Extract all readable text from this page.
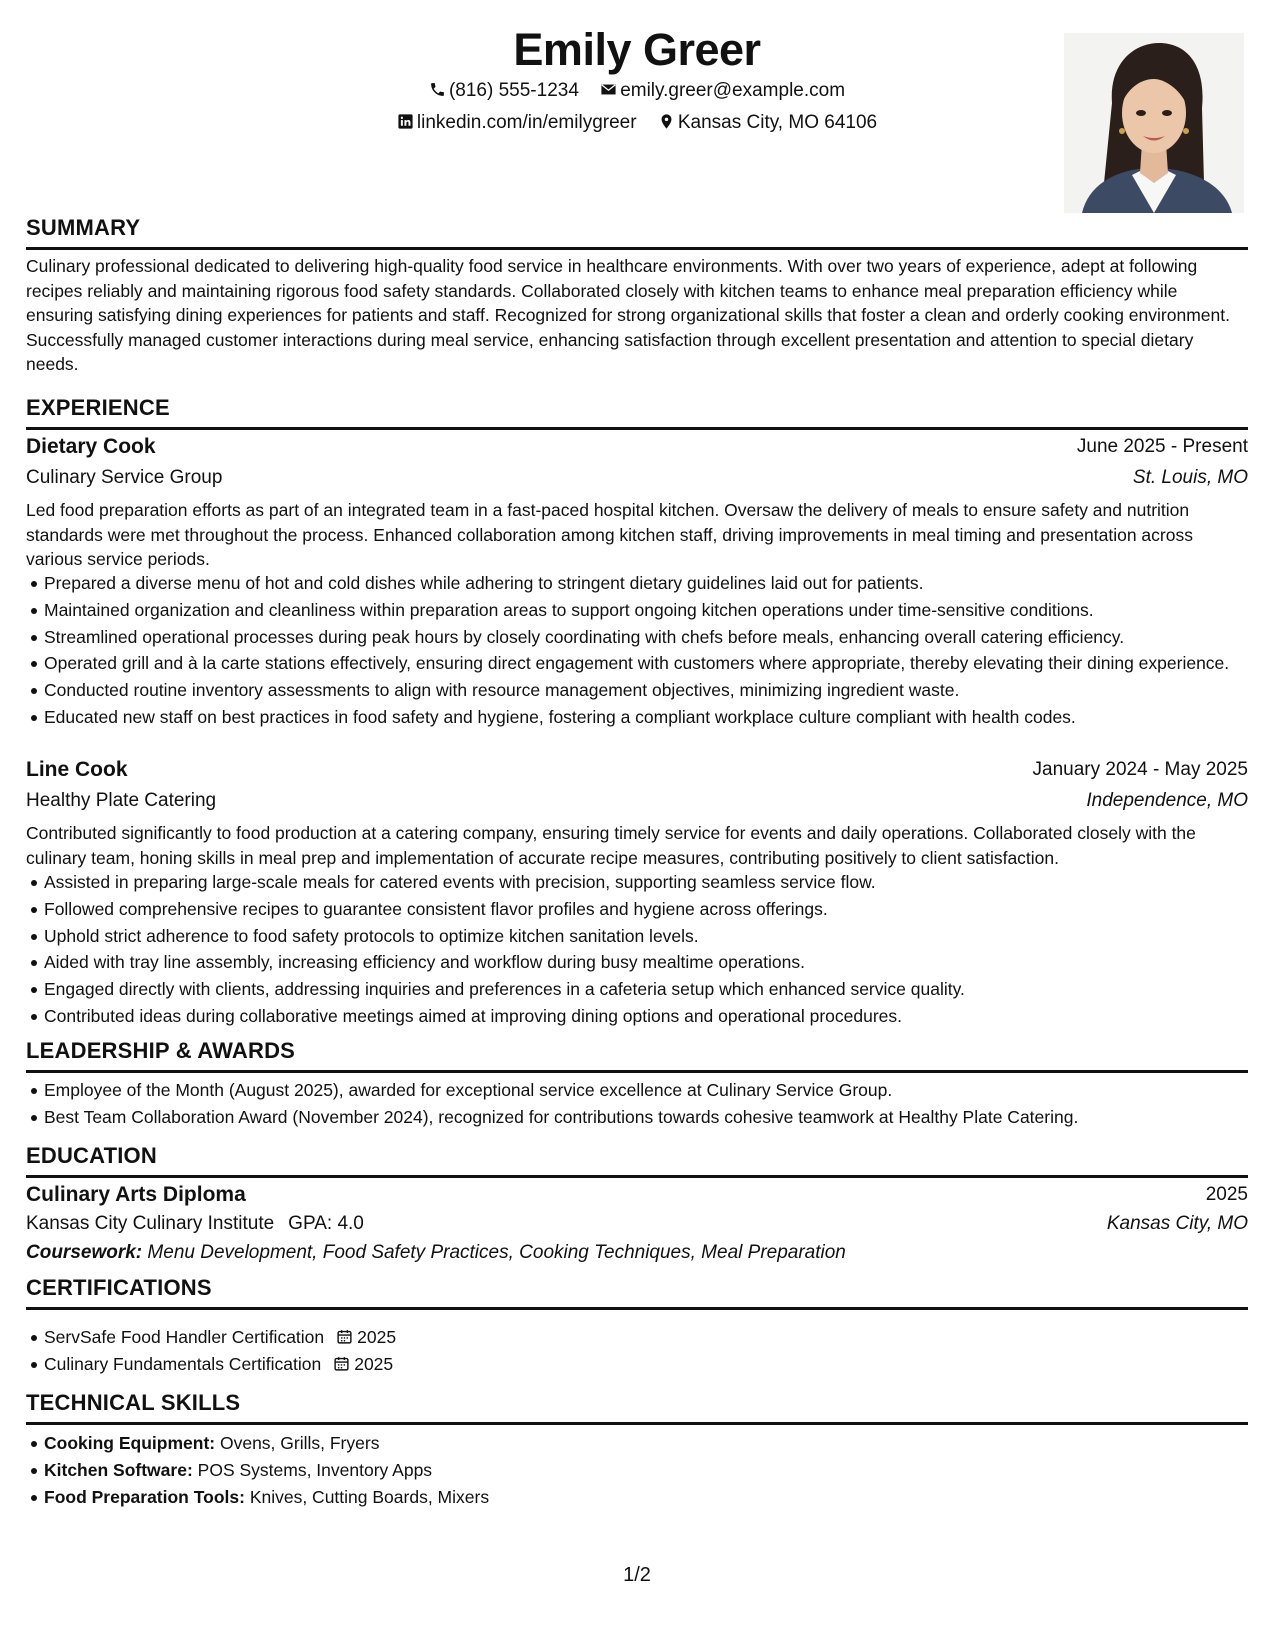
Emily Greer
(816) 555-1234 emily.greer@example.com
linkedin.com/in/emilygreer Kansas City, MO 64106
SUMMARY
Culinary professional dedicated to delivering high-quality food service in healthcare environments. With over two years of experience, adept at following recipes reliably and maintaining rigorous food safety standards. Collaborated closely with kitchen teams to enhance meal preparation efficiency while ensuring satisfying dining experiences for patients and staff. Recognized for strong organizational skills that foster a clean and orderly cooking environment. Successfully managed customer interactions during meal service, enhancing satisfaction through excellent presentation and attention to special dietary needs.
EXPERIENCE
Dietary Cook	June 2025 - Present
Culinary Service Group	St. Louis, MO
Led food preparation efforts as part of an integrated team in a fast-paced hospital kitchen. Oversaw the delivery of meals to ensure safety and nutrition standards were met throughout the process. Enhanced collaboration among kitchen staff, driving improvements in meal timing and presentation across various service periods.
Prepared a diverse menu of hot and cold dishes while adhering to stringent dietary guidelines laid out for patients.
Maintained organization and cleanliness within preparation areas to support ongoing kitchen operations under time-sensitive conditions.
Streamlined operational processes during peak hours by closely coordinating with chefs before meals, enhancing overall catering efficiency.
Operated grill and à la carte stations effectively, ensuring direct engagement with customers where appropriate, thereby elevating their dining experience.
Conducted routine inventory assessments to align with resource management objectives, minimizing ingredient waste.
Educated new staff on best practices in food safety and hygiene, fostering a compliant workplace culture compliant with health codes.
Line Cook	January 2024 - May 2025
Healthy Plate Catering	Independence, MO
Contributed significantly to food production at a catering company, ensuring timely service for events and daily operations. Collaborated closely with the culinary team, honing skills in meal prep and implementation of accurate recipe measures, contributing positively to client satisfaction.
Assisted in preparing large-scale meals for catered events with precision, supporting seamless service flow.
Followed comprehensive recipes to guarantee consistent flavor profiles and hygiene across offerings.
Uphold strict adherence to food safety protocols to optimize kitchen sanitation levels.
Aided with tray line assembly, increasing efficiency and workflow during busy mealtime operations.
Engaged directly with clients, addressing inquiries and preferences in a cafeteria setup which enhanced service quality.
Contributed ideas during collaborative meetings aimed at improving dining options and operational procedures.
LEADERSHIP & AWARDS
Employee of the Month (August 2025), awarded for exceptional service excellence at Culinary Service Group.
Best Team Collaboration Award (November 2024), recognized for contributions towards cohesive teamwork at Healthy Plate Catering.
EDUCATION
Culinary Arts Diploma	2025
Kansas City Culinary Institute GPA: 4.0	Kansas City, MO
Coursework: Menu Development, Food Safety Practices, Cooking Techniques, Meal Preparation
CERTIFICATIONS
ServSafe Food Handler Certification 2025
Culinary Fundamentals Certification 2025
TECHNICAL SKILLS
Cooking Equipment: Ovens, Grills, Fryers
Kitchen Software: POS Systems, Inventory Apps
Food Preparation Tools: Knives, Cutting Boards, Mixers
1/2
